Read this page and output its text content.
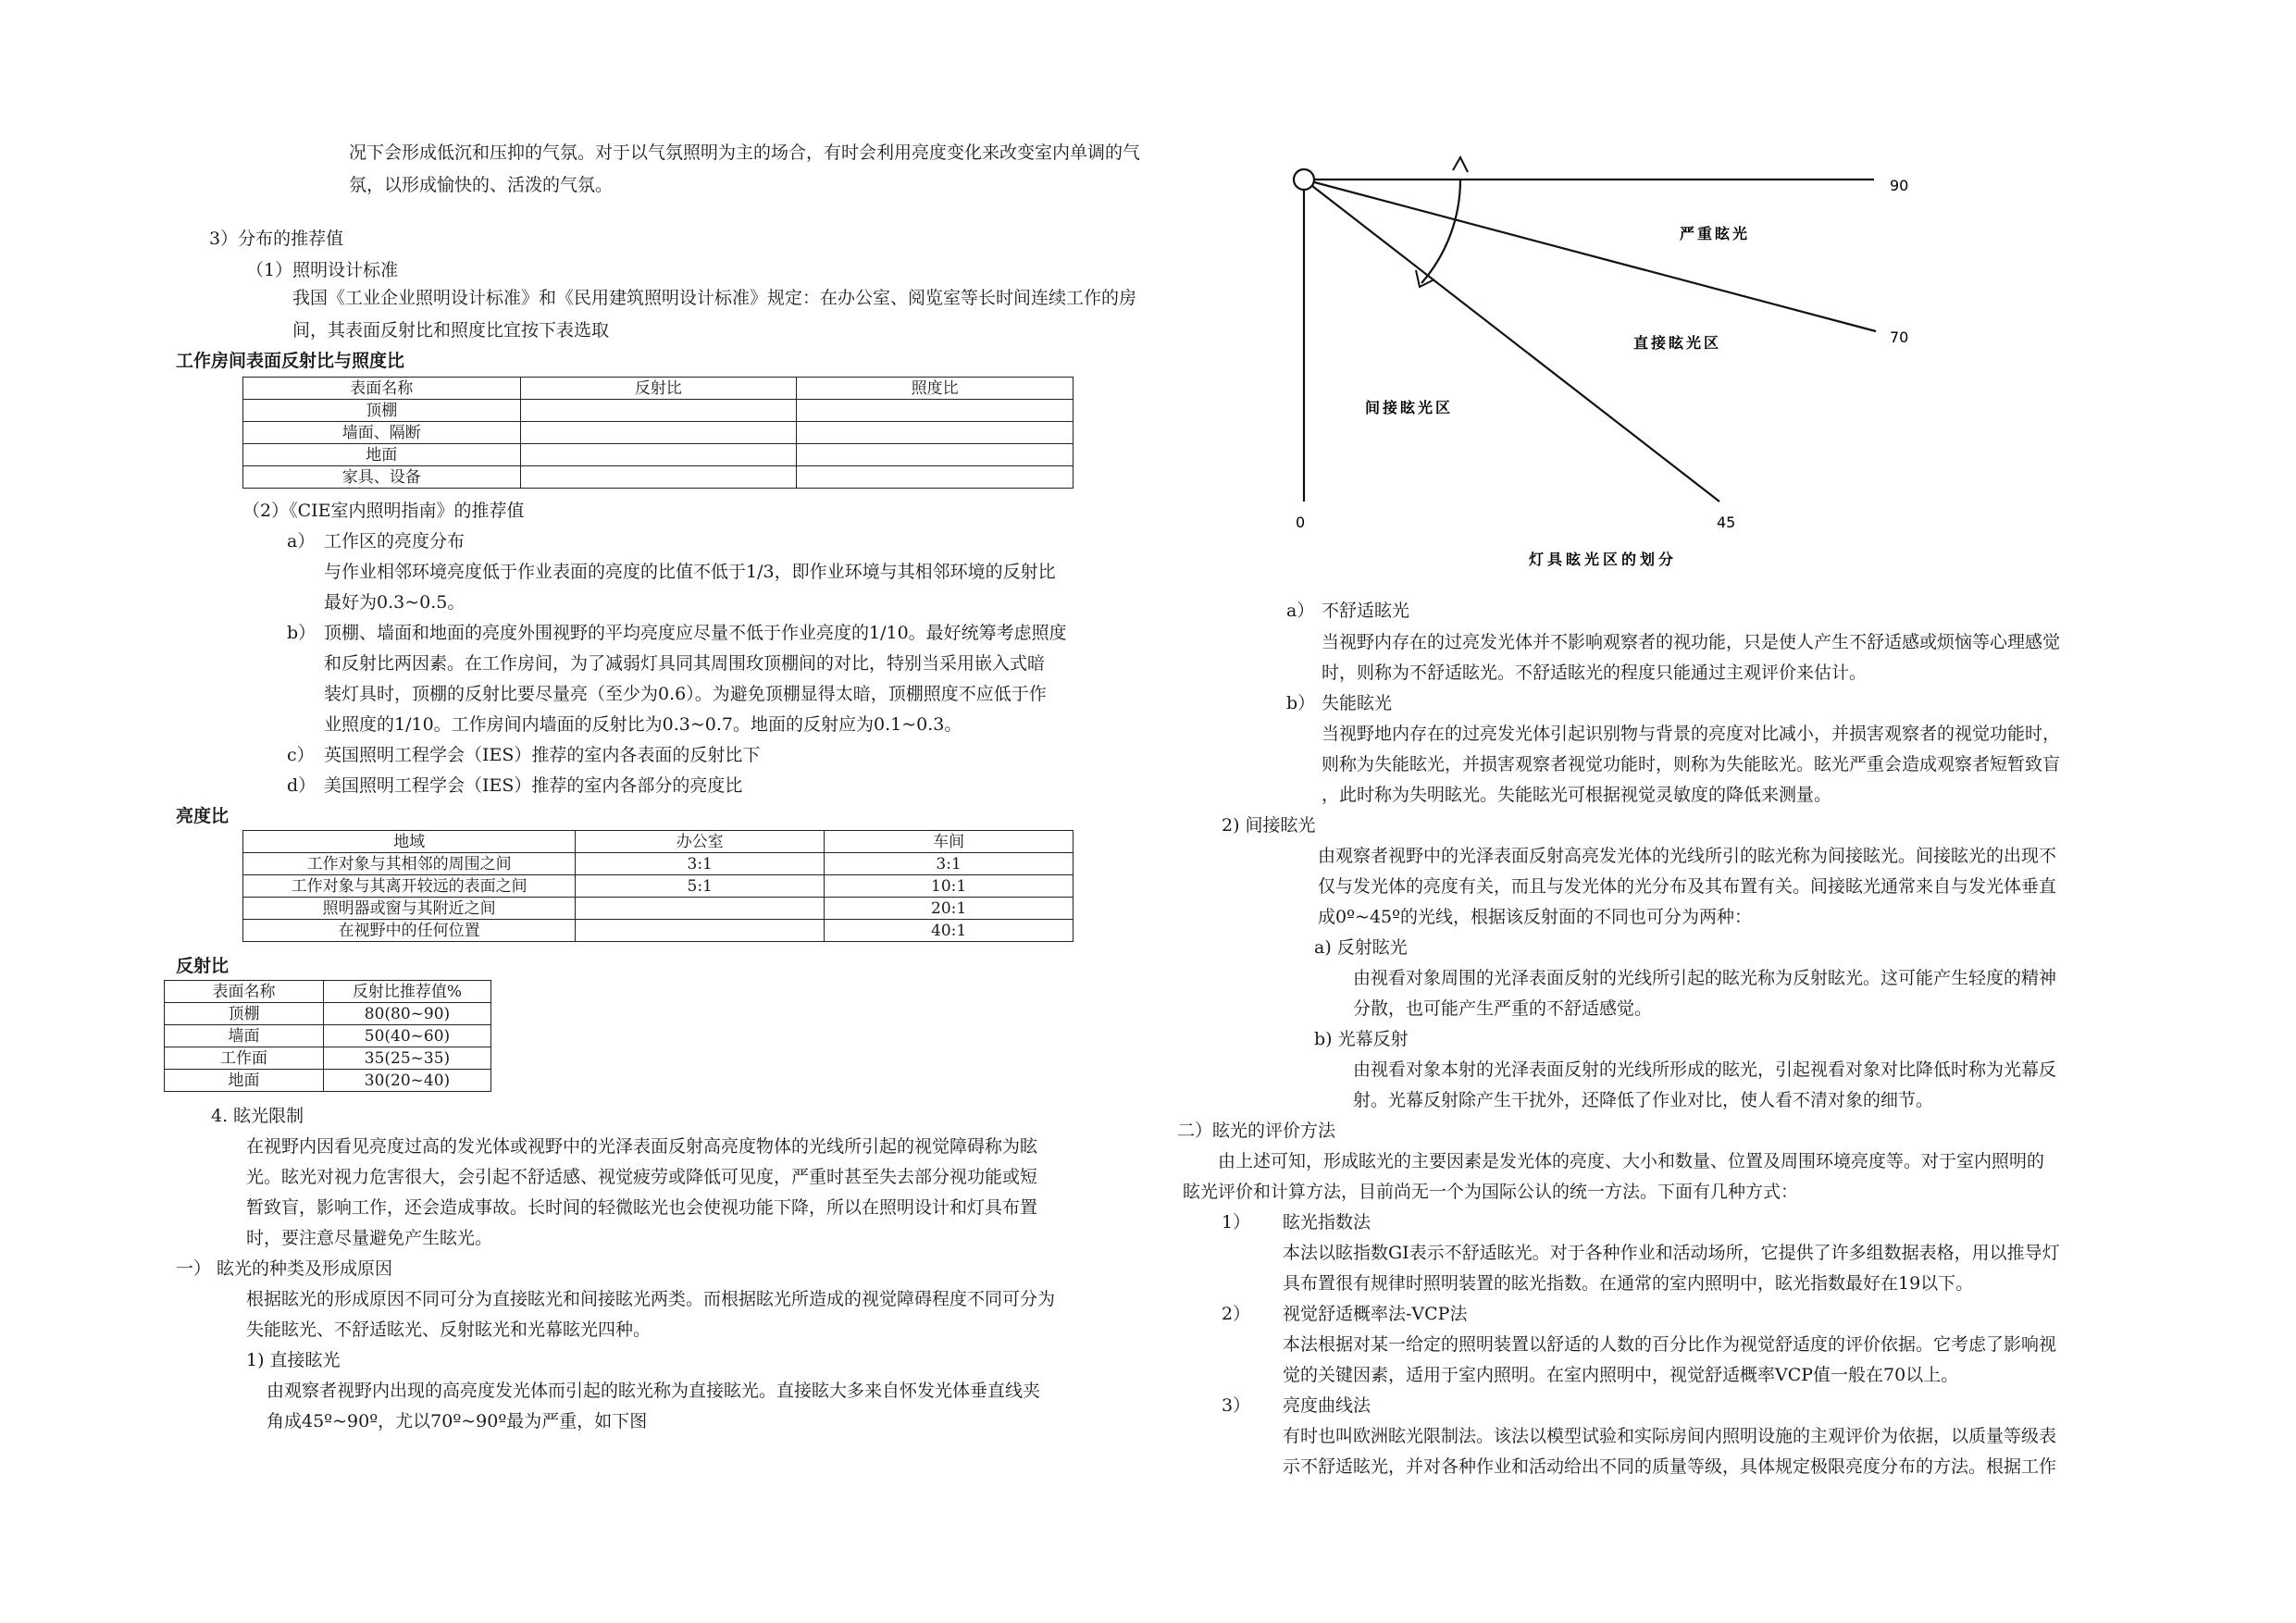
况下会形成低沉和压抑的气氛。对于以气氛照明为主的场合，有时会利用亮度变化来改变室内单调的气
氛，以形成愉快的、活泼的气氛。
3）分布的推荐值
（1）照明设计标准
我国《工业企业照明设计标准》和《民用建筑照明设计标准》规定：在办公室、阅览室等长时间连续工作的房
间，其表面反射比和照度比宜按下表选取
工作房间表面反射比与照度比
表面名称	反射比	照度比
顶棚		
墙面、隔断		
地面		
家具、设备		
（2）《CIE室内照明指南》的推荐值
a） 工作区的亮度分布
与作业相邻环境亮度低于作业表面的亮度的比值不低于1/3，即作业环境与其相邻环境的反射比
最好为0.3~0.5。
b） 顶棚、墙面和地面的亮度外围视野的平均亮度应尽量不低于作业亮度的1/10。最好统筹考虑照度
和反射比两因素。在工作房间，为了减弱灯具同其周围玫顶棚间的对比，特别当采用嵌入式暗
装灯具时，顶棚的反射比要尽量亮（至少为0.6）。为避免顶棚显得太暗，顶棚照度不应低于作
业照度的1/10。工作房间内墙面的反射比为0.3~0.7。地面的反射应为0.1~0.3。
c） 英国照明工程学会（IES）推荐的室内各表面的反射比下
d） 美国照明工程学会（IES）推荐的室内各部分的亮度比
亮度比
地域	办公室	车间
工作对象与其相邻的周围之间	3:1	3:1
工作对象与其离开较远的表面之间	5:1	10:1
照明器或窗与其附近之间		20:1
在视野中的任何位置		40:1
反射比
表面名称	反射比推荐值%
顶棚	80(80~90)
墙面	50(40~60)
工作面	35(25~35)
地面	30(20~40)
4. 眩光限制
在视野内因看见亮度过高的发光体或视野中的光泽表面反射高亮度物体的光线所引起的视觉障碍称为眩
光。眩光对视力危害很大，会引起不舒适感、视觉疲劳或降低可见度，严重时甚至失去部分视功能或短
暂致盲，影响工作，还会造成事故。长时间的轻微眩光也会使视功能下降，所以在照明设计和灯具布置
时，要注意尽量避免产生眩光。
一） 眩光的种类及形成原因
根据眩光的形成原因不同可分为直接眩光和间接眩光两类。而根据眩光所造成的视觉障碍程度不同可分为
失能眩光、不舒适眩光、反射眩光和光幕眩光四种。
1) 直接眩光
由观察者视野内出现的高亮度发光体而引起的眩光称为直接眩光。直接眩大多来自怀发光体垂直线夹
角成45º~90º，尤以70º~90º最为严重，如下图
90
70
45
0
严重眩光
直接眩光区
间接眩光区
灯具眩光区的划分
a） 不舒适眩光
当视野内存在的过亮发光体并不影响观察者的视功能，只是使人产生不舒适感或烦恼等心理感觉
时，则称为不舒适眩光。不舒适眩光的程度只能通过主观评价来估计。
b） 失能眩光
当视野地内存在的过亮发光体引起识别物与背景的亮度对比减小，并损害观察者的视觉功能时，
则称为失能眩光，并损害观察者视觉功能时，则称为失能眩光。眩光严重会造成观察者短暂致盲
，此时称为失明眩光。失能眩光可根据视觉灵敏度的降低来测量。
2) 间接眩光
由观察者视野中的光泽表面反射高亮发光体的光线所引的眩光称为间接眩光。间接眩光的出现不
仅与发光体的亮度有关，而且与发光体的光分布及其布置有关。间接眩光通常来自与发光体垂直
成0º~45º的光线，根据该反射面的不同也可分为两种：
a) 反射眩光
由视看对象周围的光泽表面反射的光线所引起的眩光称为反射眩光。这可能产生轻度的精神
分散，也可能产生严重的不舒适感觉。
b) 光幕反射
由视看对象本射的光泽表面反射的光线所形成的眩光，引起视看对象对比降低时称为光幕反
射。光幕反射除产生干扰外，还降低了作业对比，使人看不清对象的细节。
二）眩光的评价方法
由上述可知，形成眩光的主要因素是发光体的亮度、大小和数量、位置及周围环境亮度等。对于室内照明的
眩光评价和计算方法，目前尚无一个为国际公认的统一方法。下面有几种方式：
1） 眩光指数法
本法以眩指数GI表示不舒适眩光。对于各种作业和活动场所，它提供了许多组数据表格，用以推导灯
具布置很有规律时照明装置的眩光指数。在通常的室内照明中，眩光指数最好在19以下。
2） 视觉舒适概率法-VCP法
本法根据对某一给定的照明装置以舒适的人数的百分比作为视觉舒适度的评价依据。它考虑了影响视
觉的关键因素，适用于室内照明。在室内照明中，视觉舒适概率VCP值一般在70以上。
3） 亮度曲线法
有时也叫欧洲眩光限制法。该法以模型试验和实际房间内照明设施的主观评价为依据，以质量等级表
示不舒适眩光，并对各种作业和活动给出不同的质量等级，具体规定极限亮度分布的方法。根据工作
